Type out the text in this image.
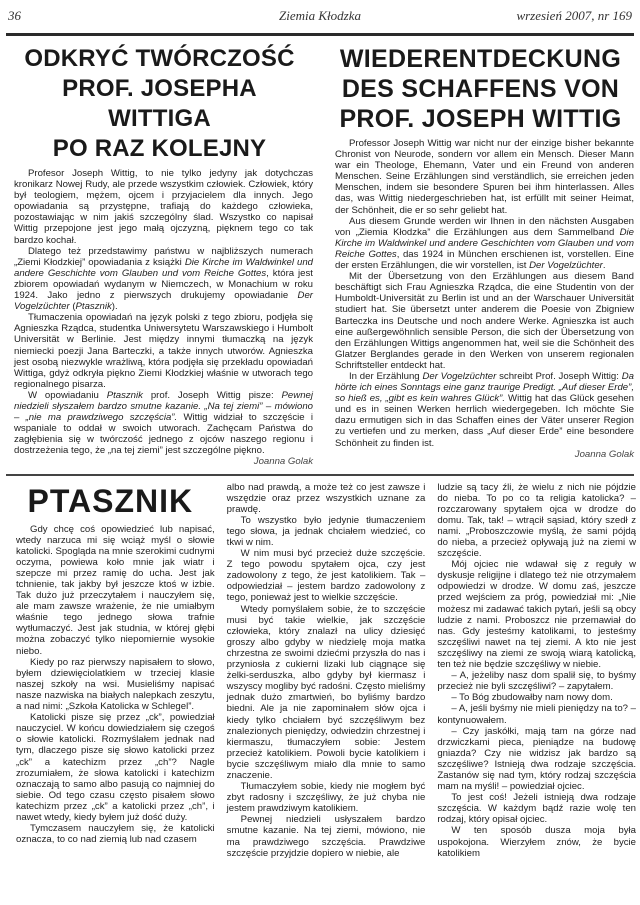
36	Ziemia Kłodzka	wrzesień 2007, nr 169
ODKRYĆ TWÓRCZOŚĆ
PROF. JOSEPHA
WITTIGA
PO RAZ KOLEJNY

Profesor Joseph Wittig, to nie tylko jedyny jak dotychczas kronikarz Nowej Rudy, ale przede wszystkim człowiek. Człowiek, który był teologiem, mężem, ojcem i przyjacielem dla innych. Jego opowiadania są przystępne, trafiają do każdego człowieka, pozostawiając w nim jakiś szczególny ślad. Wszystko co napisał Wittig przepojone jest jego małą ojczyzną, pięknem tego co tak bardzo kochał.

Dlatego też przedstawimy państwu w najbliższych numerach „Ziemi Kłodzkiej” opowiadania z książki Die Kirche im Waldwinkel und andere Geschichte vom Glauben und vom Reiche Gottes, która jest zbiorem opowiadań wydanym w Niemczech, w Monachium w roku 1924. Jako jedno z pierwszych drukujemy opowiadanie Der Vogelzüchter (Ptasznik).

Tłumaczenia opowiadań na język polski z tego zbioru, podjęła się Agnieszka Rządca, studentka Uniwersytetu Warszawskiego i Humbolt Universität w Berlinie. Jest między innymi tłumaczką na język niemiecki poezji Jana Barteczki, a także innych utworów. Agnieszka jest osobą niezwykle wrażliwą, która podjęła się przekładu opowiadań Wittiga, gdyż odkryła piękno Ziemi Kłodzkiej właśnie w utworach tego regionalnego pisarza.

W opowiadaniu Ptasznik prof. Joseph Wittig pisze: Pewnej niedzieli słyszałem bardzo smutne kazanie. „Na tej ziemi” – mówiono – „nie ma prawdziwego szczęścia”. Wittig widział to szczęście i wspaniale to oddał w swoich utworach. Zachęcam Państwa do zagłębienia się w twórczość jednego z ojców naszego regionu i dostrzeżenia tego, że „na tej ziemi” jest szczególne piękno.

Joanna Golak

WIEDERENTDECKUNG
DES SCHAFFENS VON
PROF. JOSEPH WITTIG

Professor Joseph Wittig war nicht nur der einzige bisher bekannte Chronist von Neurode, sondern vor allem ein Mensch. Dieser Mann war ein Theologe, Ehemann, Vater und ein Freund von anderen Menschen. Seine Erzählungen sind verständlich, sie erreichen jeden Menschen, indem sie besondere Spuren bei ihm hinterlassen. Alles das, was Wittig niedergeschrieben hat, ist erfüllt mit seiner Heimat, der Schönheit, die er so sehr geliebt hat.

Aus diesem Grunde werden wir Ihnen in den nächsten Ausgaben von „Ziemia Kłodzka” die Erzählungen aus dem Sammelband Die Kirche im Waldwinkel und andere Geschichten vom Glauben und vom Reiche Gottes, das 1924 in München erschienen ist, vorstellen. Eine der ersten Erzählungen, die wir vorstellen, ist Der Vogelzüchter.

Mit der Übersetzung von den Erzählungen aus diesem Band beschäftigt sich Frau Agnieszka Rządca, die eine Studentin von der Humboldt-Universität zu Berlin ist und an der Warschauer Universität studiert hat. Sie übersetzt unter anderem die Poesie von Zbigniew Barteczka ins Deutsche und noch andere Werke. Agnieszka ist auch eine außergewöhnlich sensible Person, die sich der Übersetzung von den Erzählungen Wittigs angenommen hat, weil sie die Schönheit des Glatzer Berglandes gerade in den Werken von unserem regionalen Schriftsteller entdeckt hat.

In der Erzählung Der Vogelzüchter schreibt Prof. Joseph Wittig: Da hörte ich eines Sonntags eine ganz traurige Predigt. „Auf dieser Erde”, so hieß es, „gibt es kein wahres Glück”. Wittig hat das Glück gesehen und es in seinen Werken herrlich wiedergegeben. Ich möchte Sie dazu ermutigen sich in das Schaffen eines der Väter unserer Region zu vertiefen und zu merken, dass „Auf dieser Erde” eine besondere Schönheit zu finden ist.

Joanna Golak

PTASZNIK

Gdy chcę coś opowiedzieć lub napisać, wtedy narzuca mi się wciąż myśl o słowie katolicki. Spogląda na mnie szerokimi cudnymi oczyma, powiewa koło mnie jak wiatr i szepcze mi przez ramię do ucha. Jest jak tchnienie, tak jakby był jeszcze ktoś w izbie. Tak dużo już przeczytałem i nauczyłem się, ale mam zawsze wrażenie, że nie umiałbym właśnie tego jednego słowa trafnie wytłumaczyć. Jest jak studnia, w której głębi można zobaczyć tylko niepomiernie wysokie niebo.

Kiedy po raz pierwszy napisałem to słowo, byłem dziewięciolatkiem w trzeciej klasie naszej szkoły na wsi. Musieliśmy napisać nasze nazwiska na białych nalepkach zeszytu, a nad nimi: „Szkoła Katolicka w Schlegel”.

Katolicki pisze się przez „ck”, powiedział nauczyciel. W końcu dowiedziałem się czegoś o słowie katolicki. Rozmyślałem jednak nad tym, dlaczego pisze się słowo katolicki przez „ck” a katechizm przez „ch”? Nagle zrozumiałem, że słowa katolicki i katechizm oznaczają to samo albo pasują co najmniej do siebie. Od tego czasu często pisałem słowo katechizm przez „ck” a katolicki przez „ch”, i nawet wtedy, kiedy byłem już dość duży.

Tymczasem nauczyłem się, że katolicki oznacza, to co nad ziemią lub nad czasem

albo nad prawdą, a może też co jest zawsze i wszędzie oraz przez wszystkich uznane za prawdę.

To wszystko było jedynie tłumaczeniem tego słowa, ja jednak chciałem wiedzieć, co tkwi w nim.

W nim musi być przecież duże szczęście. Z tego powodu spytałem ojca, czy jest zadowolony z tego, że jest katolikiem. Tak – odpowiedział – jestem bardzo zadowolony z tego, ponieważ jest to wielkie szczęście.

Wtedy pomyślałem sobie, że to szczęście musi być takie wielkie, jak szczęście człowieka, który znalazł na ulicy dziesięć groszy albo gdyby w niedzielę moja matka chrzestna ze swoimi dziećmi przyszła do nas i przyniosła z cukierni lizaki lub ciągnące się żelki-serduszka, albo gdyby był kiermasz i wszyscy mogliby być radośni. Często mieliśmy jednak dużo zmartwień, bo byliśmy bardzo biedni. Ale ja nie zapominałem słów ojca i kiedy tylko chciałem być szczęśliwym bez znalezionych pieniędzy, odwiedzin chrzestnej i kiermaszu, tłumaczyłem sobie: Jestem przecież katolikiem. Powoli bycie katolikiem i bycie szczęśliwym miało dla mnie to samo znaczenie.

Tłumaczyłem sobie, kiedy nie mogłem być zbyt radosny i szczęśliwy, że już chyba nie jestem prawdziwym katolikiem.

Pewnej niedzieli usłyszałem bardzo smutne kazanie. Na tej ziemi, mówiono, nie ma prawdziwego szczęścia. Prawdziwe szczęście przyjdzie dopiero w niebie, ale

ludzie są tacy źli, że wielu z nich nie pójdzie do nieba. To po co ta religia katolicka? – rozczarowany spytałem ojca w drodze do domu. Tak, tak! – wtrącił sąsiad, który szedł z nami. „Proboszczowie myślą, że sami pójdą do nieba, a przecież opływają już na ziemi w szczęście.

Mój ojciec nie wdawał się z reguły w dyskusje religijne i dlatego też nie otrzymałem odpowiedzi w drodze. W domu zaś, jeszcze przed wejściem za próg, powiedział mi: „Nie możesz mi zadawać takich pytań, jeśli są obcy ludzie z nami. Proboszcz nie przemawiał do nas. Gdy jesteśmy katolikami, to jesteśmy szczęśliwi nawet na tej ziemi. A kto nie jest szczęśliwy na ziemi ze swoją wiarą katolicką, ten też nie będzie szczęśliwy w niebie.

– A, jeżeliby nasz dom spalił się, to byśmy przecież nie byli szczęśliwi? – zapytałem.

– To Bóg zbudowałby nam nowy dom.

– A, jeśli byśmy nie mieli pieniędzy na to? – kontynuowałem.

– Czy jaskółki, mają tam na górze nad drzwiczkami pieca, pieniądze na budowę gniazda? Czy nie widzisz jak bardzo są szczęśliwe? Istnieją dwa rodzaje szczęścia. Zastanów się nad tym, który rodzaj szczęścia mam na myśli! – powiedział ojciec.

To jest coś! Jeżeli istnieją dwa rodzaje szczęścia. W każdym bądź razie wolę ten rodzaj, który opisał ojciec.

W ten sposób dusza moja była uspokojona. Wierzyłem znów, że bycie katolikiem
